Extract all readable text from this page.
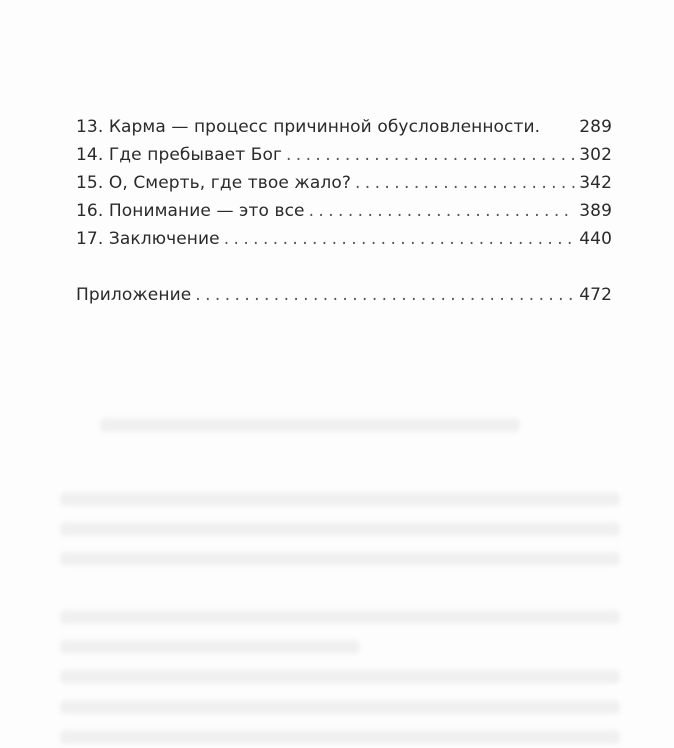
13. Карма — процесс причинной обусловленности. 289
14. Где пребывает Бог . . .	302
15. О, Смерть, где твое жало? . . .	342
16. Понимание — это все . . .	389
17. Заключение . . .	440
Приложение . . .	472
